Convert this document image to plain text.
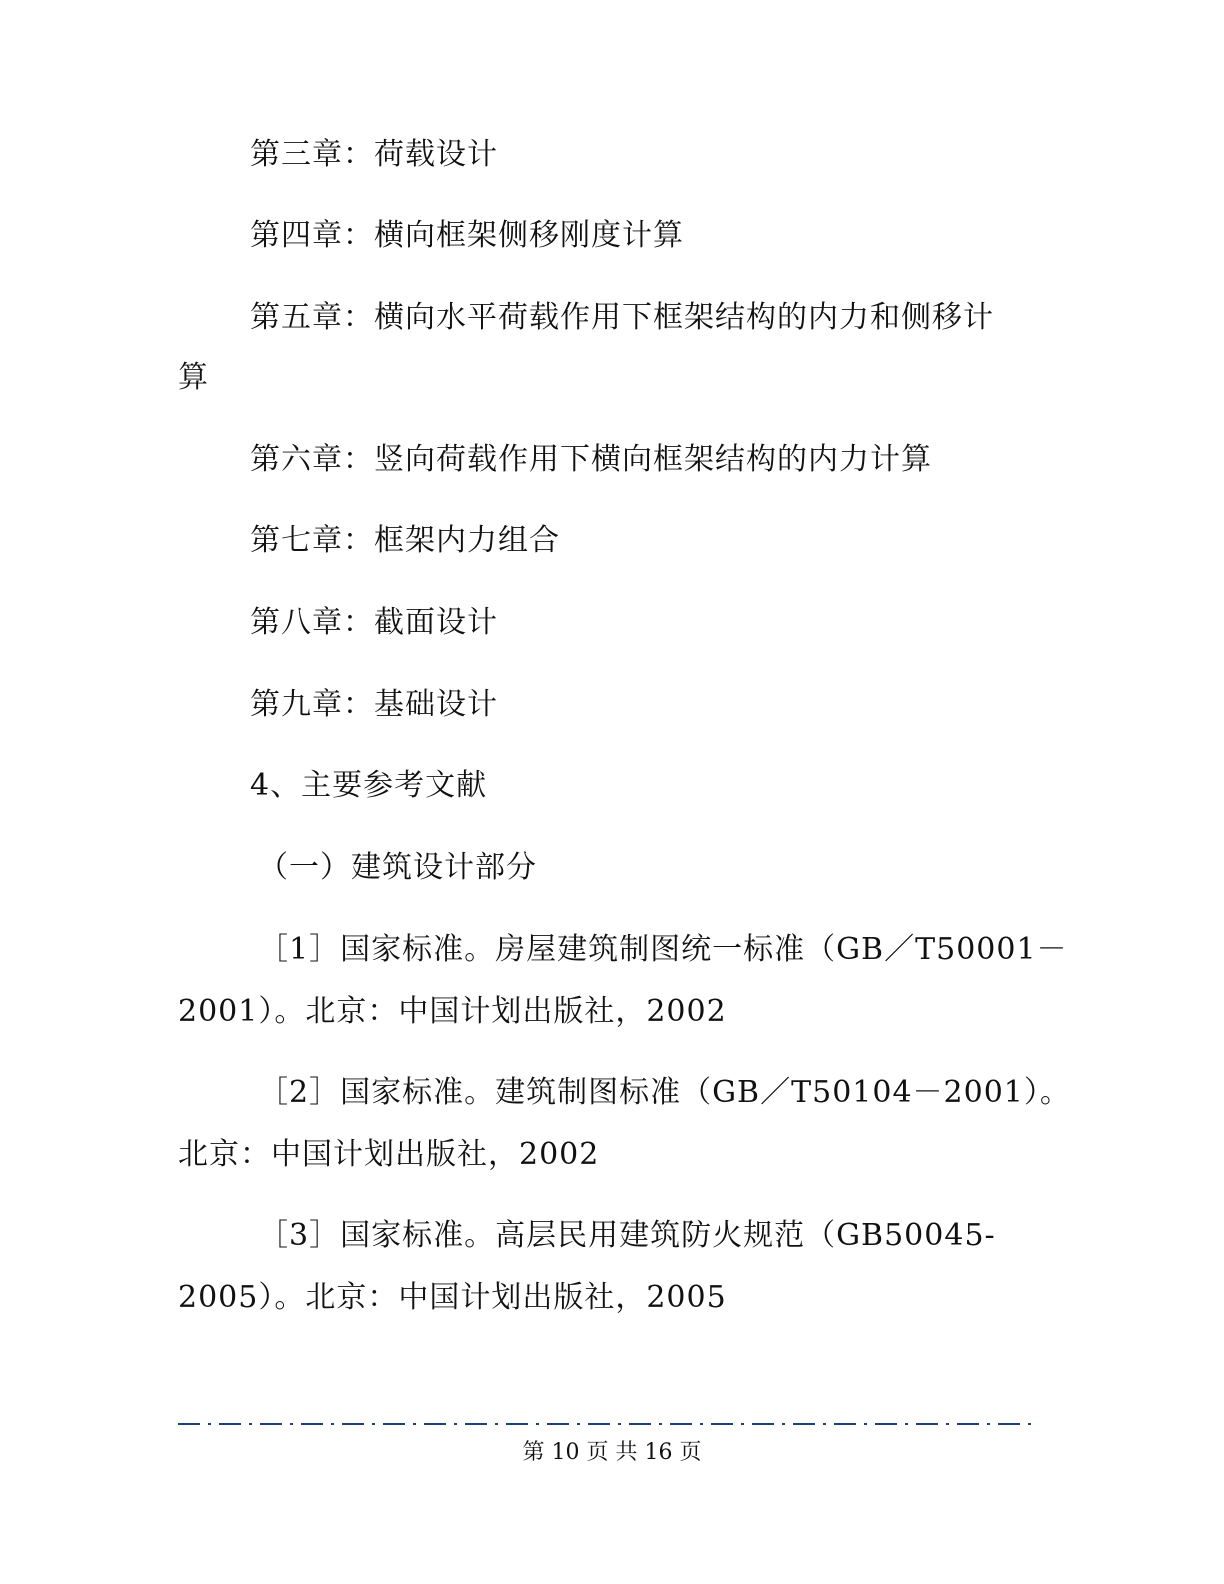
第三章：荷载设计
第四章：横向框架侧移刚度计算
第五章：横向水平荷载作用下框架结构的内力和侧移计
算
第六章：竖向荷载作用下横向框架结构的内力计算
第七章：框架内力组合
第八章：截面设计
第九章：基础设计
4、主要参考文献
（一）建筑设计部分
［1］国家标准。房屋建筑制图统一标准（GB／T50001－
2001）。北京：中国计划出版社，2002
［2］国家标准。建筑制图标准（GB／T50104－2001）。
北京：中国计划出版社，2002
［3］国家标准。高层民用建筑防火规范（GB50045-
2005）。北京：中国计划出版社，2005
第 10 页 共 16 页
